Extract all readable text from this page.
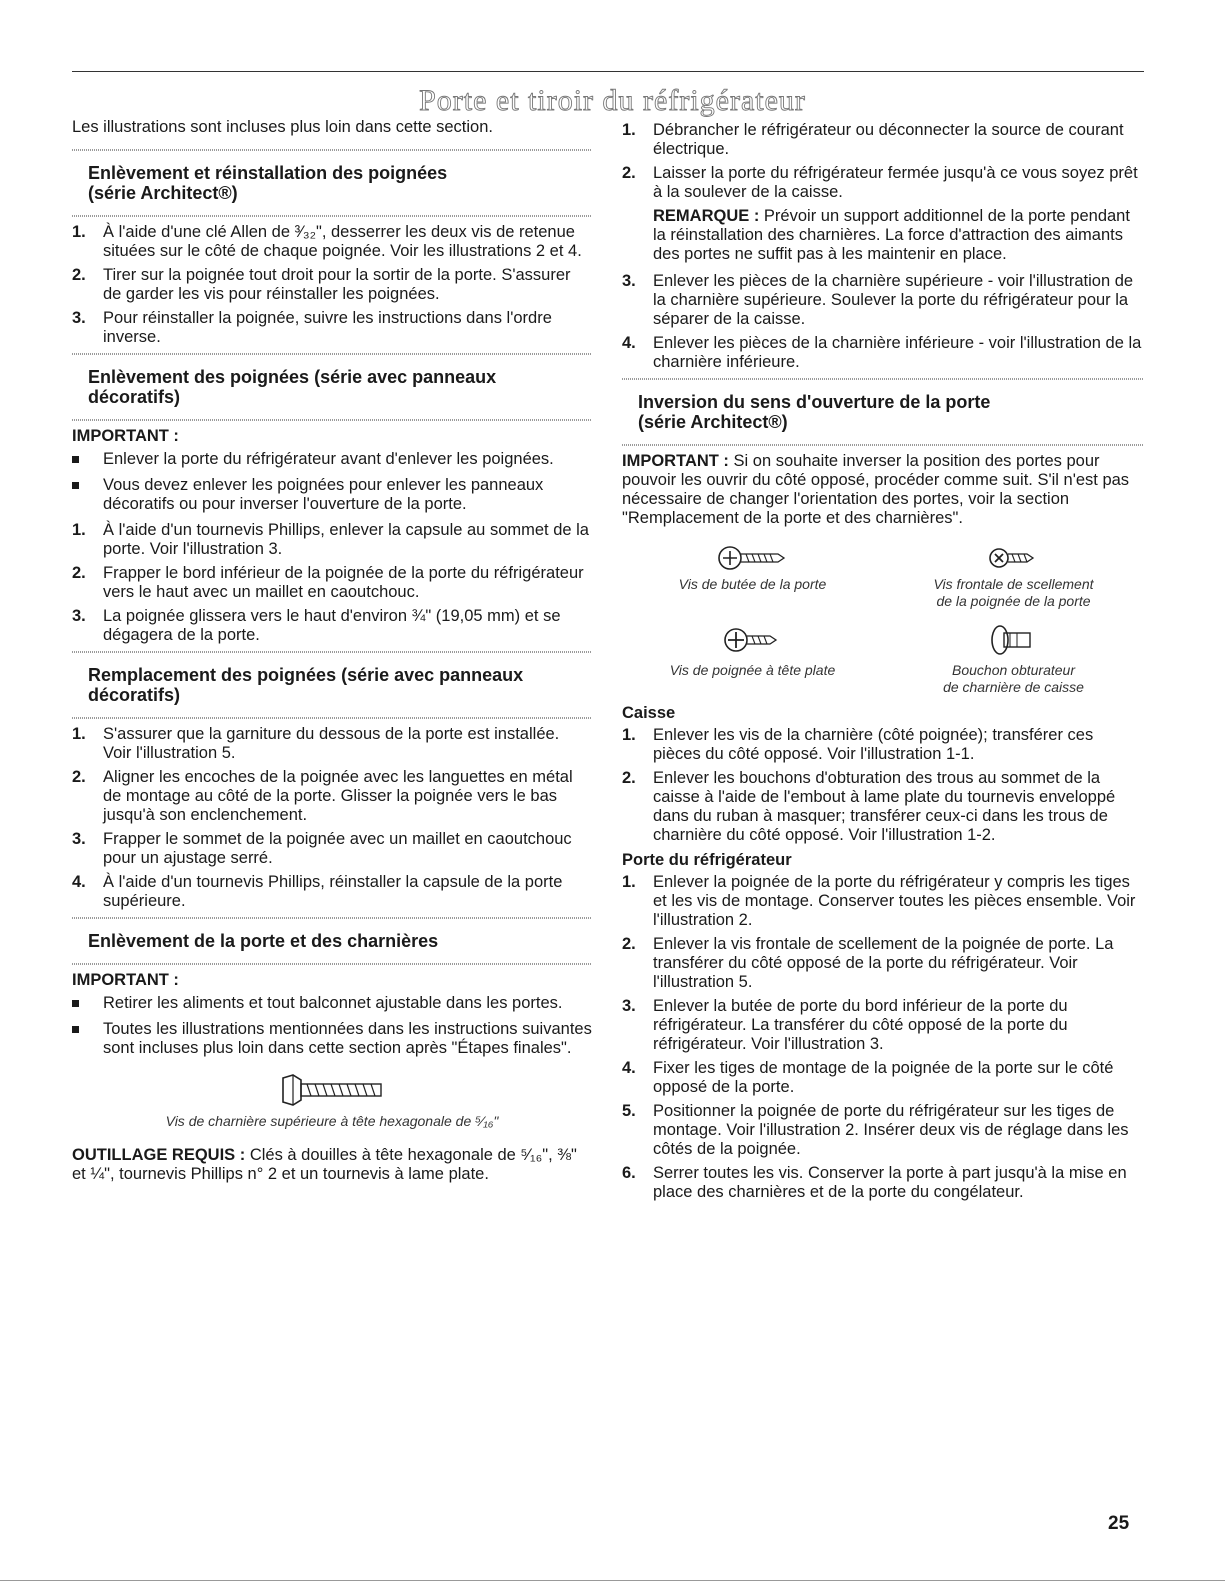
Porte et tiroir du réfrigérateur

Les illustrations sont incluses plus loin dans cette section.

Enlèvement et réinstallation des poignées
(série Architect®)
1. À l'aide d'une clé Allen de ³⁄₃₂", desserrer les deux vis de retenue situées sur le côté de chaque poignée. Voir les illustrations 2 et 4.
2. Tirer sur la poignée tout droit pour la sortir de la porte. S'assurer de garder les vis pour réinstaller les poignées.
3. Pour réinstaller la poignée, suivre les instructions dans l'ordre inverse.
Enlèvement des poignées (série avec panneaux
décoratifs)

IMPORTANT :

Enlever la porte du réfrigérateur avant d'enlever les poignées.
Vous devez enlever les poignées pour enlever les panneaux décoratifs ou pour inverser l'ouverture de la porte.
1. À l'aide d'un tournevis Phillips, enlever la capsule au sommet de la porte. Voir l'illustration 3.
2. Frapper le bord inférieur de la poignée de la porte du réfrigérateur vers le haut avec un maillet en caoutchouc.
3. La poignée glissera vers le haut d'environ ¾" (19,05 mm) et se dégagera de la porte.
Remplacement des poignées (série avec panneaux
décoratifs)
1. S'assurer que la garniture du dessous de la porte est installée. Voir l'illustration 5.
2. Aligner les encoches de la poignée avec les languettes en métal de montage au côté de la porte. Glisser la poignée vers le bas jusqu'à son enclenchement.
3. Frapper le sommet de la poignée avec un maillet en caoutchouc pour un ajustage serré.
4. À l'aide d'un tournevis Phillips, réinstaller la capsule de la porte supérieure.
Enlèvement de la porte et des charnières

IMPORTANT :

Retirer les aliments et tout balconnet ajustable dans les portes.
Toutes les illustrations mentionnées dans les instructions suivantes sont incluses plus loin dans cette section après "Étapes finales".
Vis de charnière supérieure à tête hexagonale de ⁵⁄₁₆"

OUTILLAGE REQUIS : Clés à douilles à tête hexagonale de ⁵⁄₁₆", ⅜" et ¼", tournevis Phillips n° 2 et un tournevis à lame plate.

1. Débrancher le réfrigérateur ou déconnecter la source de courant électrique.
2. Laisser la porte du réfrigérateur fermée jusqu'à ce vous soyez prêt à la soulever de la caisse.

REMARQUE : Prévoir un support additionnel de la porte pendant la réinstallation des charnières. La force d'attraction des aimants des portes ne suffit pas à les maintenir en place.

3. Enlever les pièces de la charnière supérieure - voir l'illustration de la charnière supérieure. Soulever la porte du réfrigérateur pour la séparer de la caisse.
4. Enlever les pièces de la charnière inférieure - voir l'illustration de la charnière inférieure.
Inversion du sens d'ouverture de la porte
(série Architect®)

IMPORTANT : Si on souhaite inverser la position des portes pour pouvoir les ouvrir du côté opposé, procéder comme suit. S'il n'est pas nécessaire de changer l'orientation des portes, voir la section "Remplacement de la porte et des charnières".

Vis de butée de la porte	Vis frontale de scellement
de la poignée de la porte
Vis de poignée à tête plate	Bouchon obturateur
de charnière de caisse

Caisse

1. Enlever les vis de la charnière (côté poignée); transférer ces pièces du côté opposé. Voir l'illustration 1-1.
2. Enlever les bouchons d'obturation des trous au sommet de la caisse à l'aide de l'embout à lame plate du tournevis enveloppé dans du ruban à masquer; transférer ceux-ci dans les trous de charnière du côté opposé. Voir l'illustration 1-2.

Porte du réfrigérateur

1. Enlever la poignée de la porte du réfrigérateur y compris les tiges et les vis de montage. Conserver toutes les pièces ensemble. Voir l'illustration 2.
2. Enlever la vis frontale de scellement de la poignée de porte. La transférer du côté opposé de la porte du réfrigérateur. Voir l'illustration 5.
3. Enlever la butée de porte du bord inférieur de la porte du réfrigérateur. La transférer du côté opposé de la porte du réfrigérateur. Voir l'illustration 3.
4. Fixer les tiges de montage de la poignée de la porte sur le côté opposé de la porte.
5. Positionner la poignée de porte du réfrigérateur sur les tiges de montage. Voir l'illustration 2. Insérer deux vis de réglage dans les côtés de la poignée.
6. Serrer toutes les vis. Conserver la porte à part jusqu'à la mise en place des charnières et de la porte du congélateur.
25
